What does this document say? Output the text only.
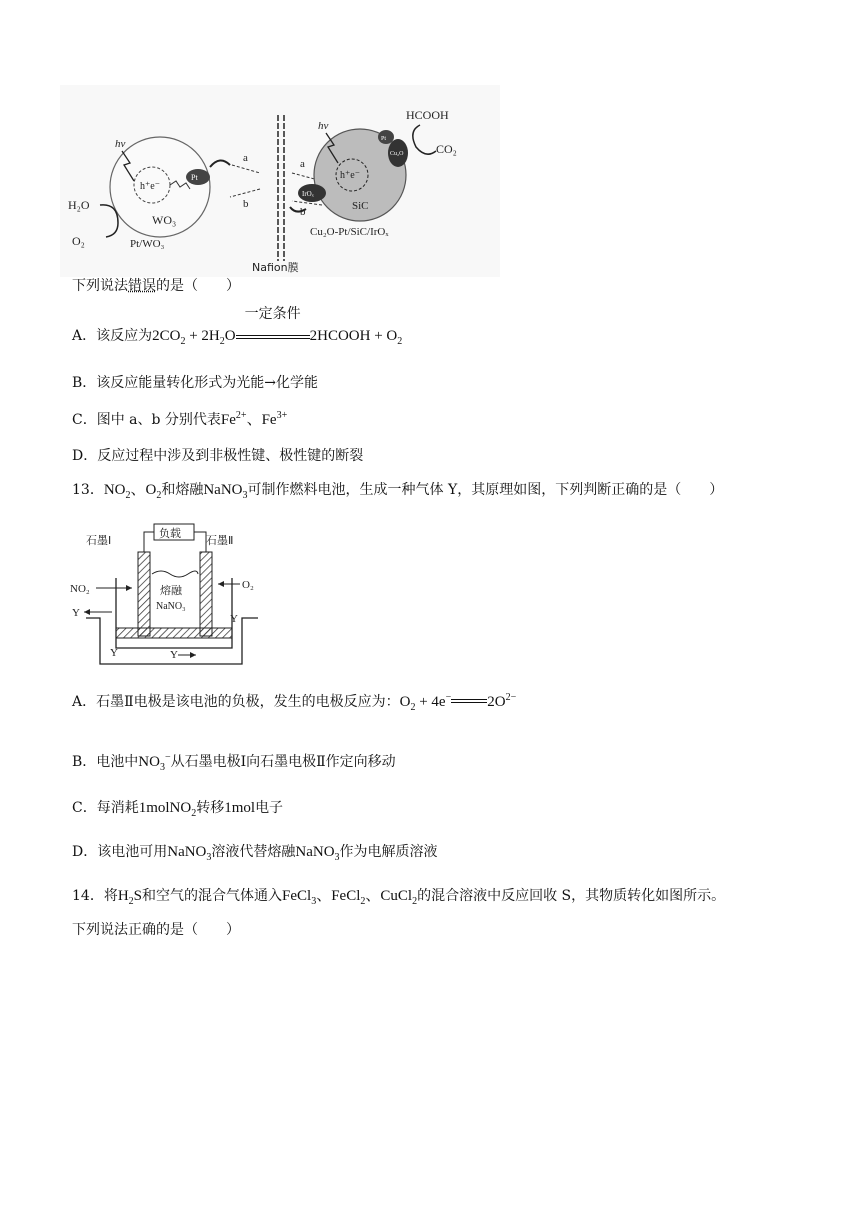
h⁺e⁻
WO₃
Pt/WO₃
hv
Pt
H₂O
O₂
a
b
Nafion膜
a
b
h⁺e⁻
SiC
hv
IrOₓ
Cu₂O
Pt
HCOOH
CO₂
Cu₂O-Pt/SiC/IrOₓ
下列说法错误的是（　　）
A．该反应为$2CO_2 + 2H_2O$
一定条件
2HCOOH + $O_2$
B．该反应能量转化形式为光能→化学能
C．图中 a、b 分别代表$Fe^{2+}$、$Fe^{3+}$
D．反应过程中涉及到非极性键、极性键的断裂
13．$NO_2$、$O_2$和熔融NaNO$_3$可制作燃料电池，生成一种气体 Y，其原理如图，下列判断正确的是（　　）
负载
石墨Ⅰ	石墨Ⅱ
熔融
NaNO₃
NO₂	O₂
Y	Y
Y	Y
A．石墨Ⅱ电极是该电池的负极，发生的电极反应为：$O_2 + 4e^-$ $2O^{2-}$
B．电池中$NO_3^-$从石墨电极Ⅰ向石墨电极Ⅱ作定向移动
C．每消耗1molNO$_2$转移1mol电子
D．该电池可用NaNO$_3$溶液代替熔融NaNO$_3$作为电解质溶液
14．将$H_2S$和空气的混合气体通入FeCl$_3$、FeCl$_2$、CuCl$_2$的混合溶液中反应回收 S，其物质转化如图所示。
下列说法正确的是（　　）
